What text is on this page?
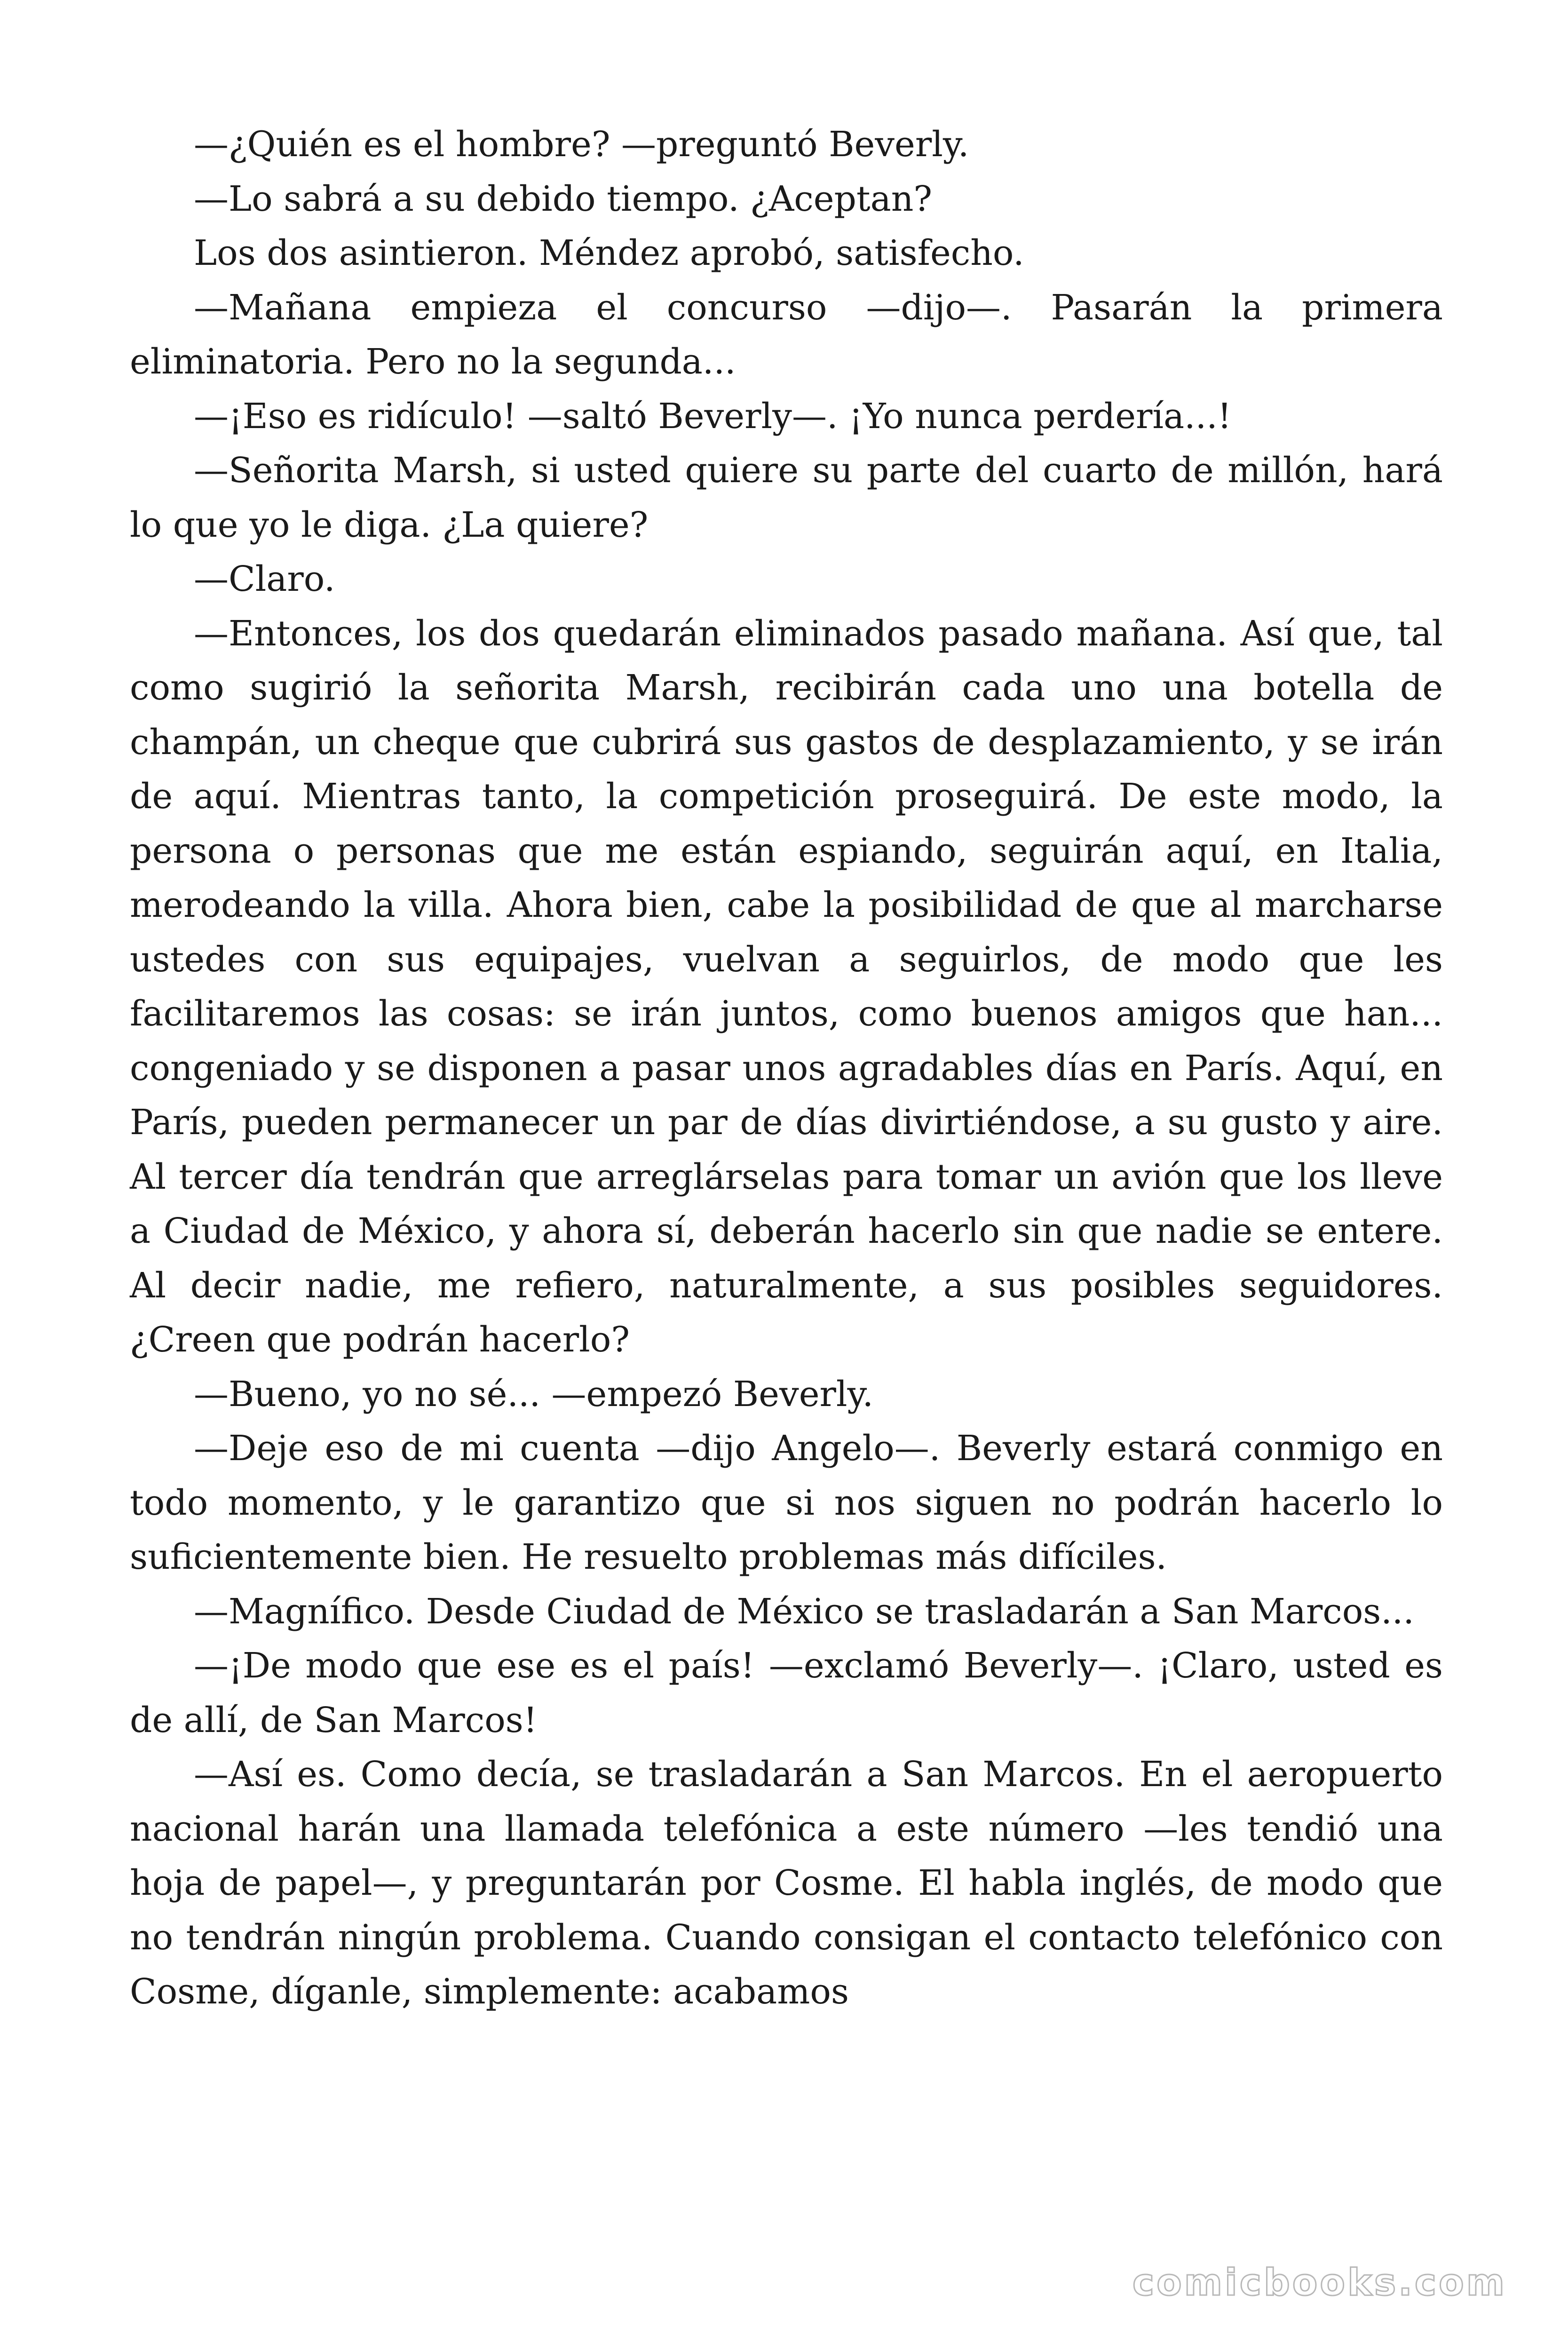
—¿Quién es el hombre? —preguntó Beverly.

—Lo sabrá a su debido tiempo. ¿Aceptan?

Los dos asintieron. Méndez aprobó, satisfecho.

—Mañana empieza el concurso —dijo—. Pasarán la primera eliminatoria. Pero no la segunda...

—¡Eso es ridículo! —saltó Beverly—. ¡Yo nunca perdería...!

—Señorita Marsh, si usted quiere su parte del cuarto de millón, hará lo que yo le diga. ¿La quiere?

—Claro.

—Entonces, los dos quedarán eliminados pasado mañana. Así que, tal como sugirió la señorita Marsh, recibirán cada uno una botella de champán, un cheque que cubrirá sus gastos de desplazamiento, y se irán de aquí. Mientras tanto, la competición proseguirá. De este modo, la persona o personas que me están espiando, seguirán aquí, en Italia, merodeando la villa. Ahora bien, cabe la posibilidad de que al marcharse ustedes con sus equipajes, vuelvan a seguirlos, de modo que les facilitaremos las cosas: se irán juntos, como buenos amigos que han... congeniado y se disponen a pasar unos agradables días en París. Aquí, en París, pueden permanecer un par de días divirtiéndose, a su gusto y aire. Al tercer día tendrán que arreglárselas para tomar un avión que los lleve a Ciudad de México, y ahora sí, deberán hacerlo sin que nadie se entere. Al decir nadie, me refiero, naturalmente, a sus posibles seguidores. ¿Creen que podrán hacerlo?

—Bueno, yo no sé... —empezó Beverly.

—Deje eso de mi cuenta —dijo Angelo—. Beverly estará conmigo en todo momento, y le garantizo que si nos siguen no podrán hacerlo lo suficientemente bien. He resuelto problemas más difíciles.

—Magnífico. Desde Ciudad de México se trasladarán a San Marcos...

—¡De modo que ese es el país! —exclamó Beverly—. ¡Claro, usted es de allí, de San Marcos!

—Así es. Como decía, se trasladarán a San Marcos. En el aeropuerto nacional harán una llamada telefónica a este número —les tendió una hoja de papel—, y preguntarán por Cosme. El habla inglés, de modo que no tendrán ningún problema. Cuando consigan el contacto telefónico con Cosme, díganle, simplemente: acabamos

comicbooks.com
